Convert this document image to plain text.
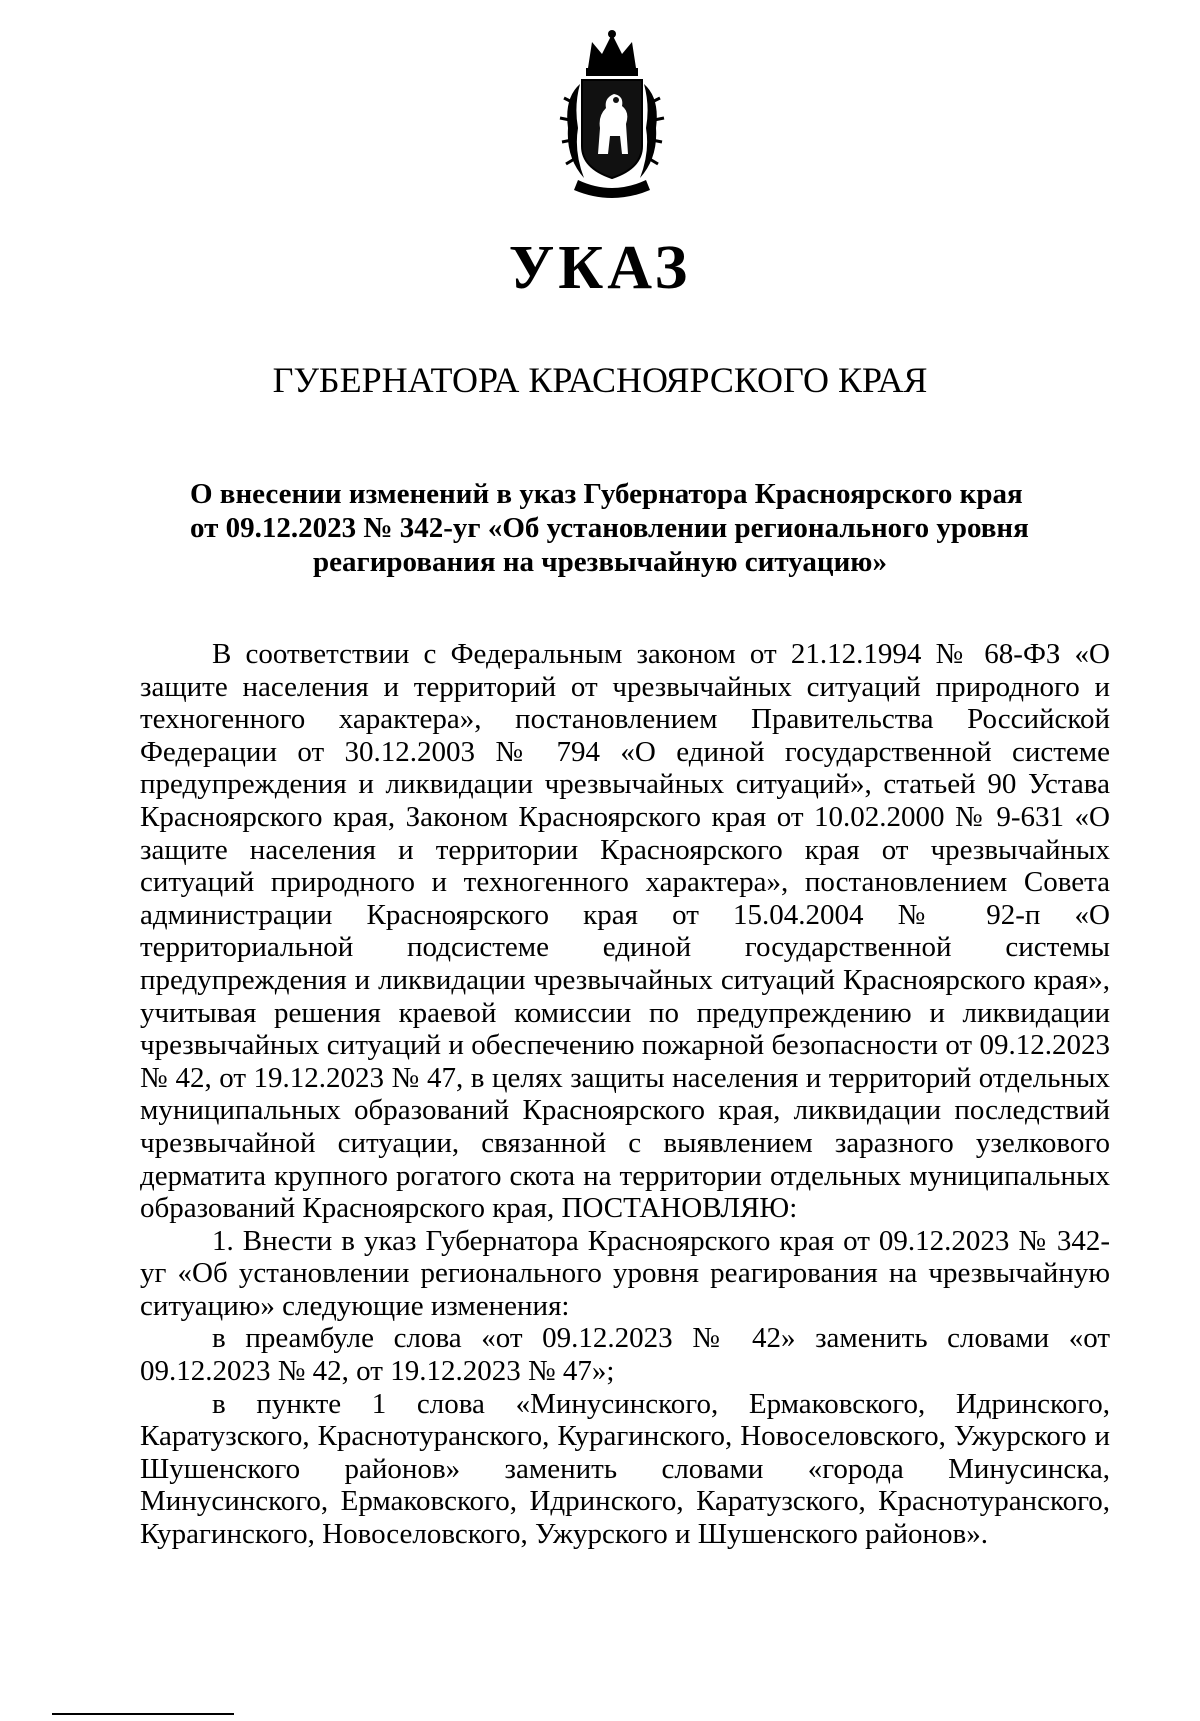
УКАЗ
ГУБЕРНАТОРА КРАСНОЯРСКОГО КРАЯ
О внесении изменений в указ Губернатора Красноярского края
от 09.12.2023 № 342-уг «Об установлении регионального уровня
реагирования на чрезвычайную ситуацию»

В соответствии с Федеральным законом от 21.12.1994 № 68-ФЗ «О защите населения и территорий от чрезвычайных ситуаций природного и техногенного характера», постановлением Правительства Российской Федерации от 30.12.2003 № 794 «О единой государственной системе предупреждения и ликвидации чрезвычайных ситуаций», статьей 90 Устава Красноярского края, Законом Красноярского края от 10.02.2000 № 9-631 «О защите населения и территории Красноярского края от чрезвычайных ситуаций природного и техногенного характера», постановлением Совета администрации Красноярского края от 15.04.2004 № 92-п «О территориальной подсистеме единой государственной системы предупреждения и ликвидации чрезвычайных ситуаций Красноярского края», учитывая решения краевой комиссии по предупреждению и ликвидации чрезвычайных ситуаций и обеспечению пожарной безопасности от 09.12.2023 № 42, от 19.12.2023 № 47, в целях защиты населения и территорий отдельных муниципальных образований Красноярского края, ликвидации последствий чрезвычайной ситуации, связанной с выявлением заразного узелкового дерматита крупного рогатого скота на территории отдельных муниципальных образований Красноярского края, ПОСТАНОВЛЯЮ:

1. Внести в указ Губернатора Красноярского края от 09.12.2023 № 342-уг «Об установлении регионального уровня реагирования на чрезвычайную ситуацию» следующие изменения:

в преамбуле слова «от 09.12.2023 № 42» заменить словами «от 09.12.2023 № 42, от 19.12.2023 № 47»;

в пункте 1 слова «Минусинского, Ермаковского, Идринского, Каратузского, Краснотуранского, Курагинского, Новоселовского, Ужурского и Шушенского районов» заменить словами «города Минусинска, Минусинского, Ермаковского, Идринского, Каратузского, Краснотуранского, Курагинского, Новоселовского, Ужурского и Шушенского районов».
